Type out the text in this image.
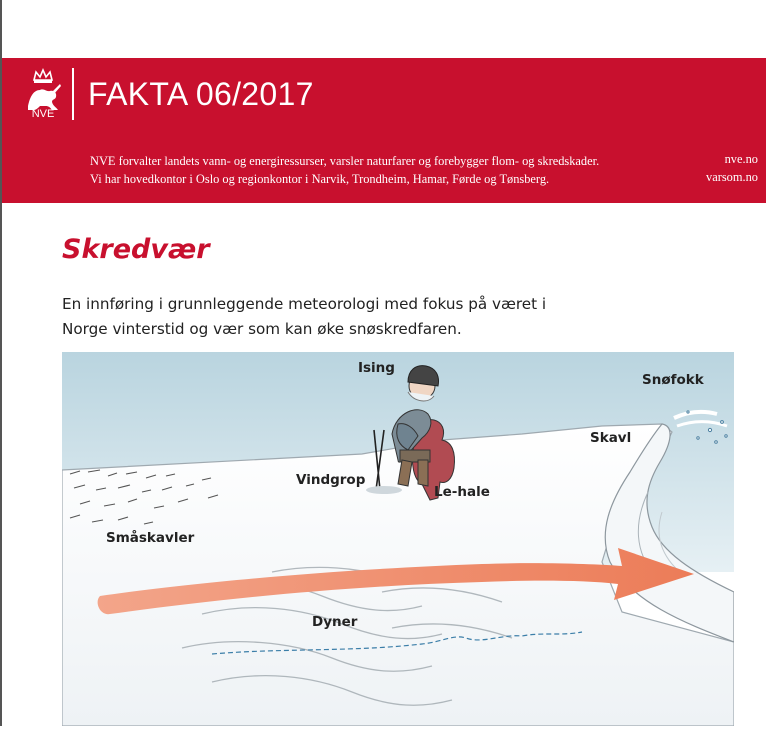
NVE
FAKTA 06/2017
NVE forvalter landets vann- og energiressurser, varsler naturfarer og forebygger flom- og skredskader.
Vi har hovedkontor i Oslo og regionkontor i Narvik, Trondheim, Hamar, Førde og Tønsberg.
nve.no
varsom.no
Skredvær
En innføring i grunnleggende meteorologi med fokus på været i
Norge vinterstid og vær som kan øke snøskredfaren.
Ising
Snøfokk
Skavl
Vindgrop
Le-hale
Småskavler
Dyner
